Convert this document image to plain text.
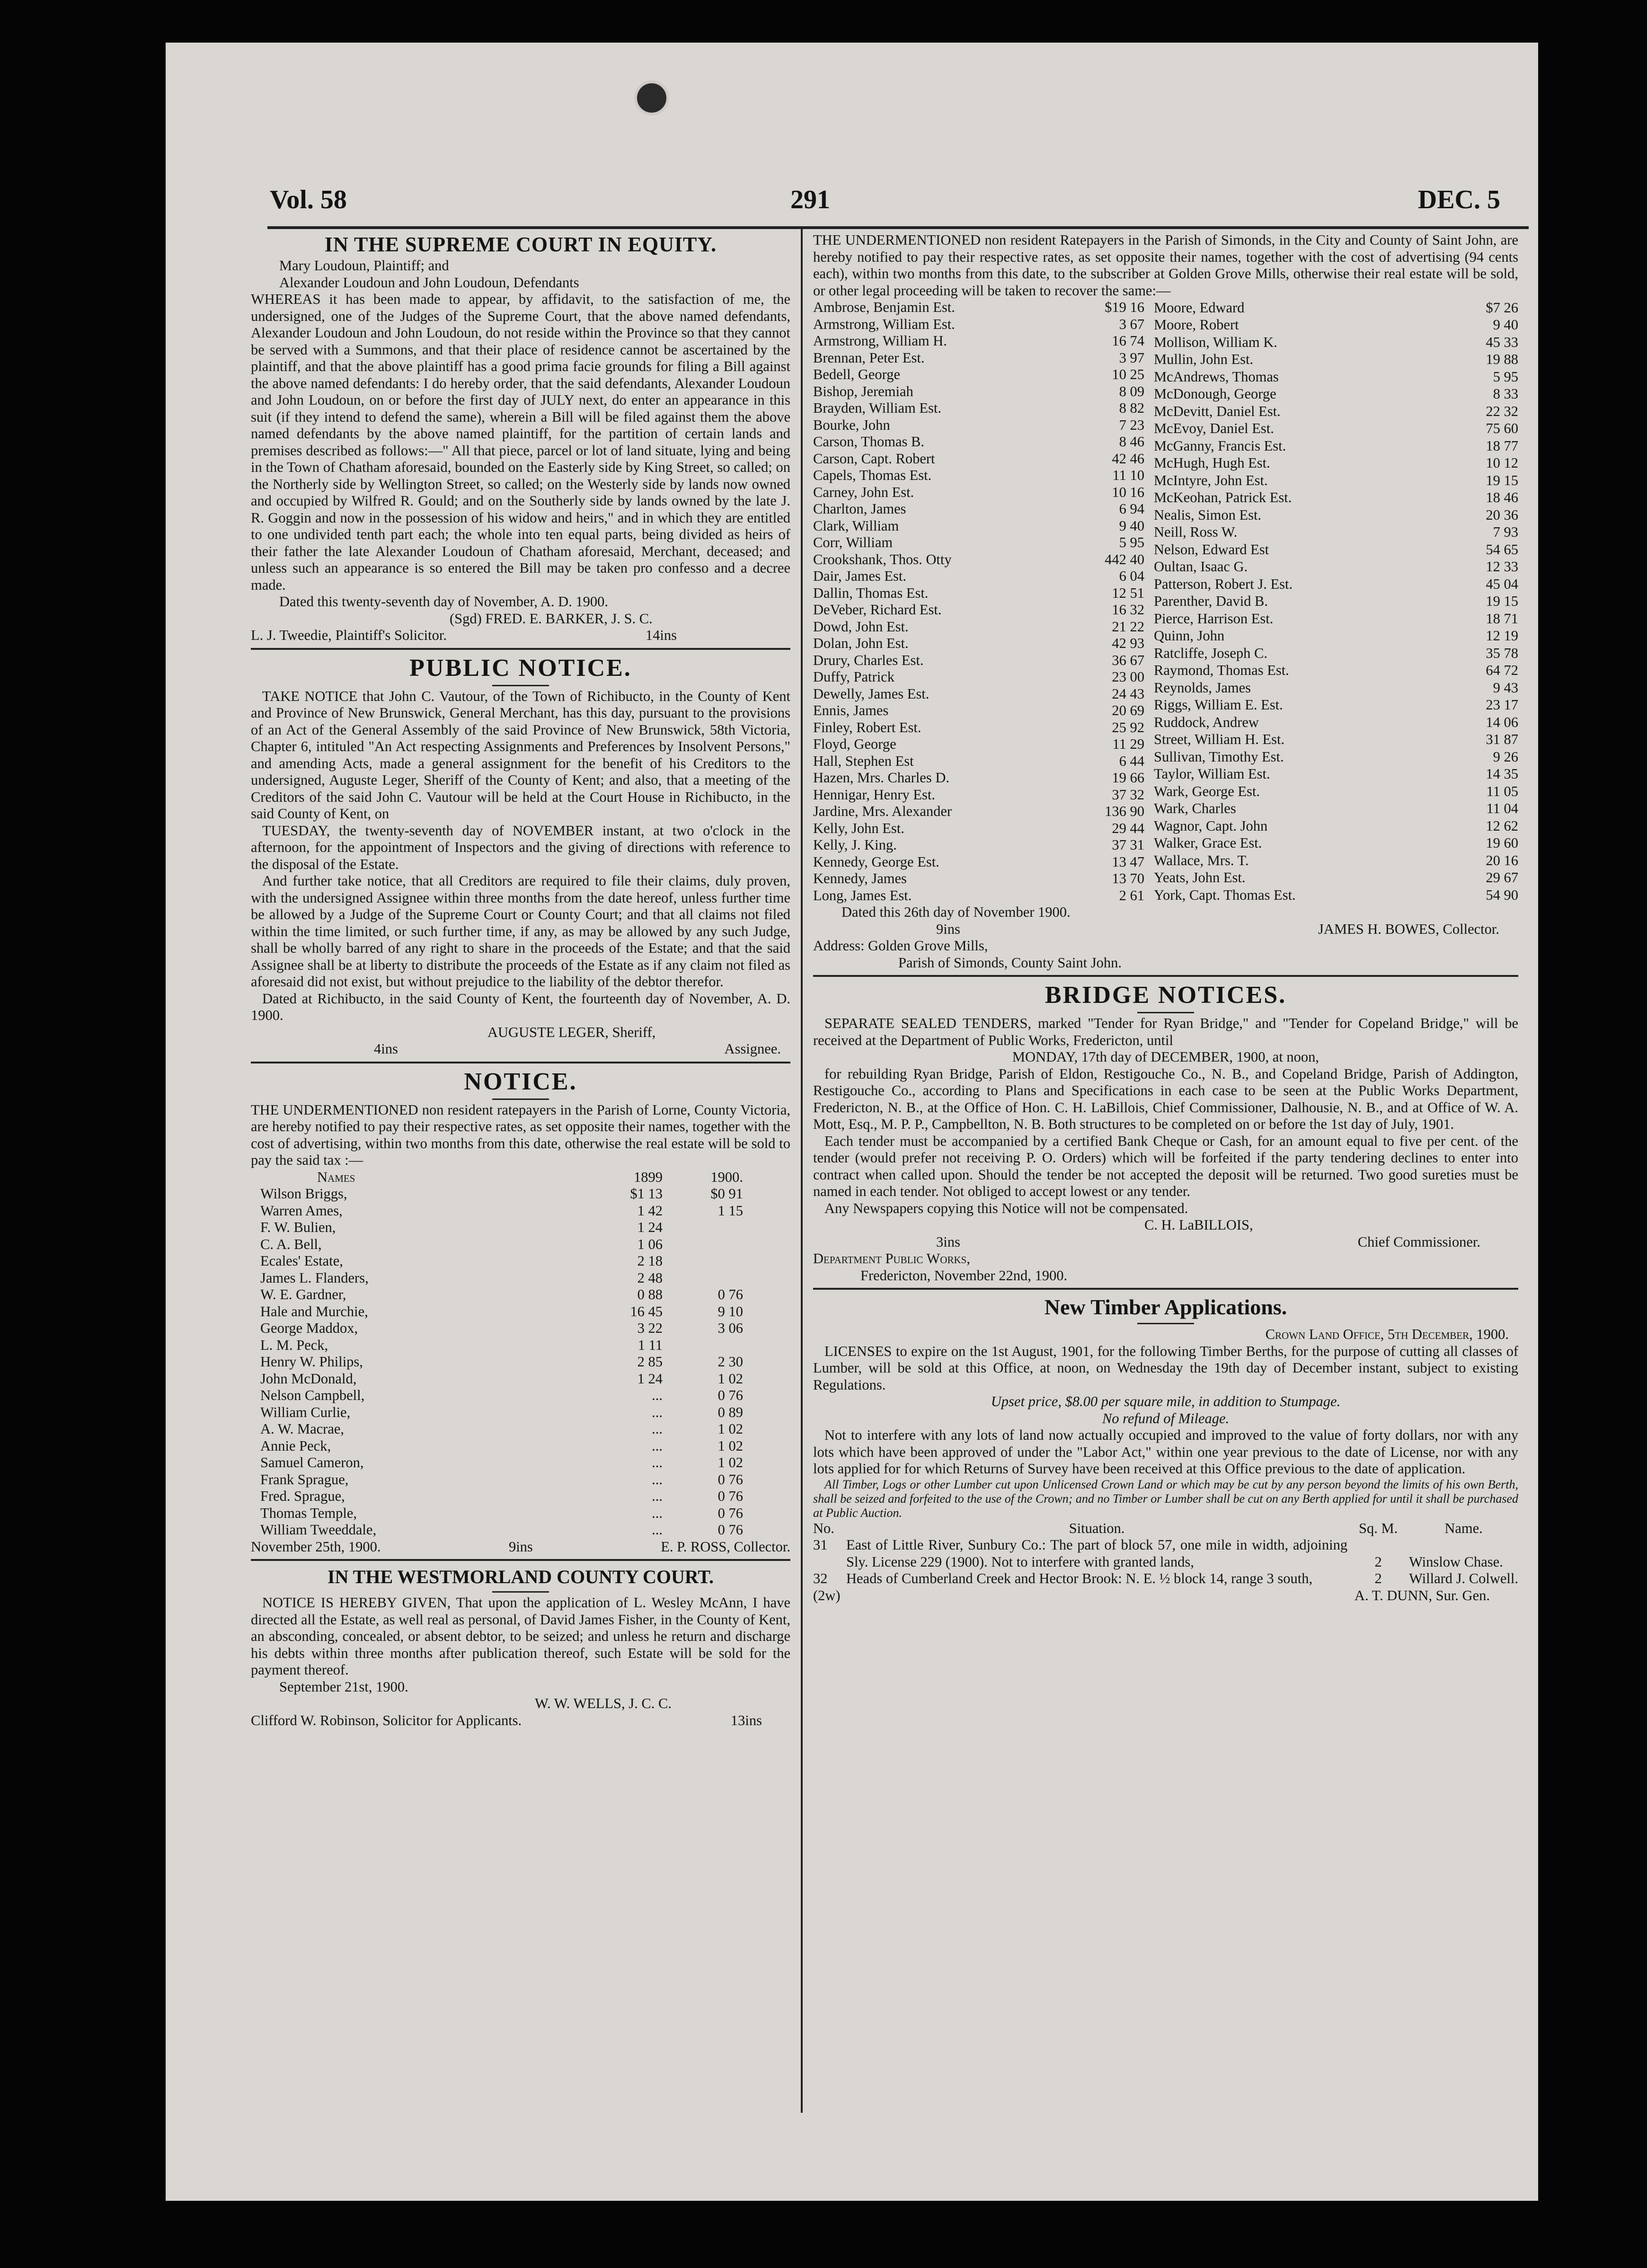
Vol. 58	291	DEC. 5
IN THE SUPREME COURT IN EQUITY.
Mary Loudoun, Plaintiff; and
Alexander Loudoun and John Loudoun, Defendants

WHEREAS it has been made to appear, by affidavit, to the satisfaction of me, the undersigned, one of the Judges of the Supreme Court, that the above named defendants, Alexander Loudoun and John Loudoun, do not reside within the Province so that they cannot be served with a Summons, and that their place of residence cannot be ascertained by the plaintiff, and that the above plaintiff has a good prima facie grounds for filing a Bill against the above named defendants: I do hereby order, that the said defendants, Alexander Loudoun and John Loudoun, on or before the first day of JULY next, do enter an appearance in this suit (if they intend to defend the same), wherein a Bill will be filed against them the above named defendants by the above named plaintiff, for the partition of certain lands and premises described as follows:—" All that piece, parcel or lot of land situate, lying and being in the Town of Chatham aforesaid, bounded on the Easterly side by King Street, so called; on the Northerly side by Wellington Street, so called; on the Westerly side by lands now owned and occupied by Wilfred R. Gould; and on the Southerly side by lands owned by the late J. R. Goggin and now in the possession of his widow and heirs," and in which they are entitled to one undivided tenth part each; the whole into ten equal parts, being divided as heirs of their father the late Alexander Loudoun of Chatham aforesaid, Merchant, deceased; and unless such an appearance is so entered the Bill may be taken pro confesso and a decree made.

Dated this twenty-seventh day of November, A. D. 1900.
(Sgd) FRED. E. BARKER, J. S. C.
L. J. Tweedie, Plaintiff's Solicitor.	14ins
PUBLIC NOTICE.

TAKE NOTICE that John C. Vautour, of the Town of Richibucto, in the County of Kent and Province of New Brunswick, General Merchant, has this day, pursuant to the provisions of an Act of the General Assembly of the said Province of New Brunswick, 58th Victoria, Chapter 6, intituled "An Act respecting Assignments and Preferences by Insolvent Persons," and amending Acts, made a general assignment for the benefit of his Creditors to the undersigned, Auguste Leger, Sheriff of the County of Kent; and also, that a meeting of the Creditors of the said John C. Vautour will be held at the Court House in Richibucto, in the said County of Kent, on

TUESDAY, the twenty-seventh day of NOVEMBER instant, at two o'clock in the afternoon, for the appointment of Inspectors and the giving of directions with reference to the disposal of the Estate.

And further take notice, that all Creditors are required to file their claims, duly proven, with the undersigned Assignee within three months from the date hereof, unless further time be allowed by a Judge of the Supreme Court or County Court; and that all claims not filed within the time limited, or such further time, if any, as may be allowed by any such Judge, shall be wholly barred of any right to share in the proceeds of the Estate; and that the said Assignee shall be at liberty to distribute the proceeds of the Estate as if any claim not filed as aforesaid did not exist, but without prejudice to the liability of the debtor therefor.

Dated at Richibucto, in the said County of Kent, the fourteenth day of November, A. D. 1900.

AUGUSTE LEGER, Sheriff,
4ins	Assignee.
NOTICE.

THE UNDERMENTIONED non resident ratepayers in the Parish of Lorne, County Victoria, are hereby notified to pay their respective rates, as set opposite their names, together with the cost of advertising, within two months from this date, otherwise the real estate will be sold to pay the said tax :—

Names	1899	1900.
Wilson Briggs,	$1 13	$0 91
Warren Ames,	1 42	1 15
F. W. Bulien,	1 24	
C. A. Bell,	1 06	
Ecales' Estate,	2 18	
James L. Flanders,	2 48	
W. E. Gardner,	0 88	0 76
Hale and Murchie,	16 45	9 10
George Maddox,	3 22	3 06
L. M. Peck,	1 11	
Henry W. Philips,	2 85	2 30
John McDonald,	1 24	1 02
Nelson Campbell,	...	0 76
William Curlie,	...	0 89
A. W. Macrae,	...	1 02
Annie Peck,	...	1 02
Samuel Cameron,	...	1 02
Frank Sprague,	...	0 76
Fred. Sprague,	...	0 76
Thomas Temple,	...	0 76
William Tweeddale,	...	0 76
November 25th, 1900.	9ins	E. P. ROSS, Collector.
IN THE WESTMORLAND COUNTY COURT.

NOTICE IS HEREBY GIVEN, That upon the application of L. Wesley McAnn, I have directed all the Estate, as well real as personal, of David James Fisher, in the County of Kent, an absconding, concealed, or absent debtor, to be seized; and unless he return and discharge his debts within three months after publication thereof, such Estate will be sold for the payment thereof.

September 21st, 1900.
W. W. WELLS, J. C. C.
Clifford W. Robinson, Solicitor for Applicants.	13ins

THE UNDERMENTIONED non resident Ratepayers in the Parish of Simonds, in the City and County of Saint John, are hereby notified to pay their respective rates, as set opposite their names, together with the cost of advertising (94 cents each), within two months from this date, to the subscriber at Golden Grove Mills, otherwise their real estate will be sold, or other legal proceeding will be taken to recover the same:—

Ambrose, Benjamin Est.	$19 16
Armstrong, William Est.	3 67
Armstrong, William H.	16 74
Brennan, Peter Est.	3 97
Bedell, George	10 25
Bishop, Jeremiah	8 09
Brayden, William Est.	8 82
Bourke, John	7 23
Carson, Thomas B.	8 46
Carson, Capt. Robert	42 46
Capels, Thomas Est.	11 10
Carney, John Est.	10 16
Charlton, James	6 94
Clark, William	9 40
Corr, William	5 95
Crookshank, Thos. Otty	442 40
Dair, James Est.	6 04
Dallin, Thomas Est.	12 51
DeVeber, Richard Est.	16 32
Dowd, John Est.	21 22
Dolan, John Est.	42 93
Drury, Charles Est.	36 67
Duffy, Patrick	23 00
Dewelly, James Est.	24 43
Ennis, James	20 69
Finley, Robert Est.	25 92
Floyd, George	11 29
Hall, Stephen Est	6 44
Hazen, Mrs. Charles D.	19 66
Hennigar, Henry Est.	37 32
Jardine, Mrs. Alexander	136 90
Kelly, John Est.	29 44
Kelly, J. King.	37 31
Kennedy, George Est.	13 47
Kennedy, James	13 70
Long, James Est.	2 61
Moore, Edward	$7 26
Moore, Robert	9 40
Mollison, William K.	45 33
Mullin, John Est.	19 88
McAndrews, Thomas	5 95
McDonough, George	8 33
McDevitt, Daniel Est.	22 32
McEvoy, Daniel Est.	75 60
McGanny, Francis Est.	18 77
McHugh, Hugh Est.	10 12
McIntyre, John Est.	19 15
McKeohan, Patrick Est.	18 46
Nealis, Simon Est.	20 36
Neill, Ross W.	7 93
Nelson, Edward Est	54 65
Oultan, Isaac G.	12 33
Patterson, Robert J. Est.	45 04
Parenther, David B.	19 15
Pierce, Harrison Est.	18 71
Quinn, John	12 19
Ratcliffe, Joseph C.	35 78
Raymond, Thomas Est.	64 72
Reynolds, James	9 43
Riggs, William E. Est.	23 17
Ruddock, Andrew	14 06
Street, William H. Est.	31 87
Sullivan, Timothy Est.	9 26
Taylor, William Est.	14 35
Wark, George Est.	11 05
Wark, Charles	11 04
Wagnor, Capt. John	12 62
Walker, Grace Est.	19 60
Wallace, Mrs. T.	20 16
Yeats, John Est.	29 67
York, Capt. Thomas Est.	54 90
Dated this 26th day of November 1900.
9ins	JAMES H. BOWES, Collector.
Address: Golden Grove Mills,
Parish of Simonds, County Saint John.
BRIDGE NOTICES.

SEPARATE SEALED TENDERS, marked "Tender for Ryan Bridge," and "Tender for Copeland Bridge," will be received at the Department of Public Works, Fredericton, until

MONDAY, 17th day of DECEMBER, 1900, at noon,

for rebuilding Ryan Bridge, Parish of Eldon, Restigouche Co., N. B., and Copeland Bridge, Parish of Addington, Restigouche Co., according to Plans and Specifications in each case to be seen at the Public Works Department, Fredericton, N. B., at the Office of Hon. C. H. LaBillois, Chief Commissioner, Dalhousie, N. B., and at Office of W. A. Mott, Esq., M. P. P., Campbellton, N. B. Both structures to be completed on or before the 1st day of July, 1901.

Each tender must be accompanied by a certified Bank Cheque or Cash, for an amount equal to five per cent. of the tender (would prefer not receiving P. O. Orders) which will be forfeited if the party tendering declines to enter into contract when called upon. Should the tender be not accepted the deposit will be returned. Two good sureties must be named in each tender. Not obliged to accept lowest or any tender.

Any Newspapers copying this Notice will not be compensated.

C. H. LaBILLOIS,
3ins	Chief Commissioner.
Department Public Works,
Fredericton, November 22nd, 1900.
New Timber Applications.
Crown Land Office, 5th December, 1900.

LICENSES to expire on the 1st August, 1901, for the following Timber Berths, for the purpose of cutting all classes of Lumber, will be sold at this Office, at noon, on Wednesday the 19th day of December instant, subject to existing Regulations.

Upset price, $8.00 per square mile, in addition to Stumpage.
No refund of Mileage.

Not to interfere with any lots of land now actually occupied and improved to the value of forty dollars, nor with any lots which have been approved of under the "Labor Act," within one year previous to the date of License, nor with any lots applied for for which Returns of Survey have been received at this Office previous to the date of application.

All Timber, Logs or other Lumber cut upon Unlicensed Crown Land or which may be cut by any person beyond the limits of his own Berth, shall be seized and forfeited to the use of the Crown; and no Timber or Lumber shall be cut on any Berth applied for until it shall be purchased at Public Auction.

No.	Situation.	Sq. M.	Name.
31	East of Little River, Sunbury Co.: The part of block 57, one mile in width, adjoining Sly. License 229 (1900). Not to interfere with granted lands,	2	Winslow Chase.
32	Heads of Cumberland Creek and Hector Brook: N. E. ½ block 14, range 3 south,	2	Willard J. Colwell.
(2w)	A. T. DUNN, Sur. Gen.
